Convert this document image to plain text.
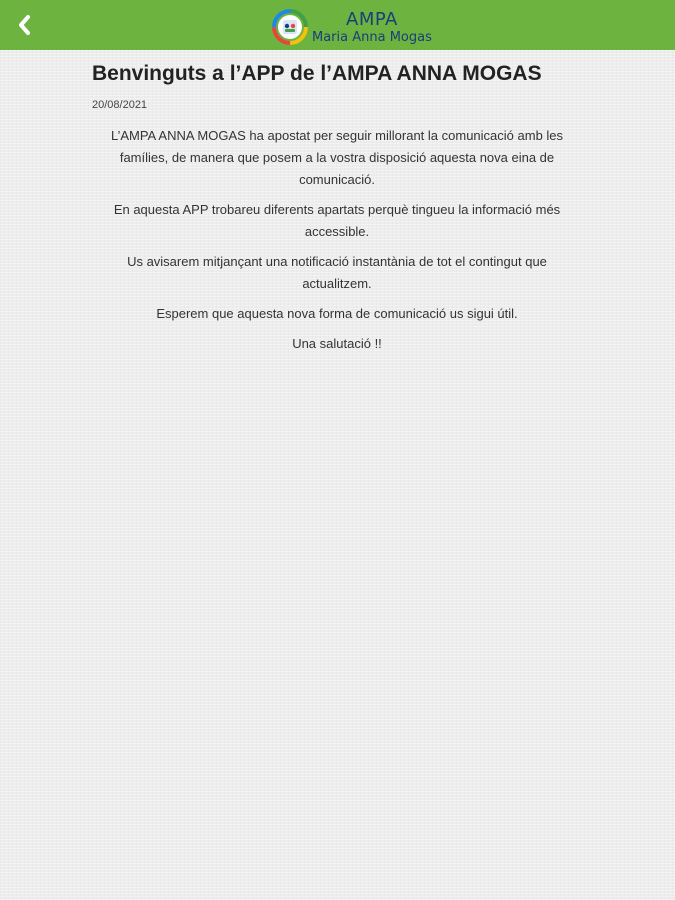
AMPA
Maria Anna Mogas
Benvinguts a l’APP de l’AMPA ANNA MOGAS
20/08/2021

L’AMPA ANNA MOGAS ha apostat per seguir millorant la comunicació amb les famílies, de manera que posem a la vostra disposició aquesta nova eina de comunicació.

En aquesta APP trobareu diferents apartats perquè tingueu la informació més accessible.

Us avisarem mitjançant una notificació instantània de tot el contingut que actualitzem.

Esperem que aquesta nova forma de comunicació us sigui útil.

Una salutació !!
